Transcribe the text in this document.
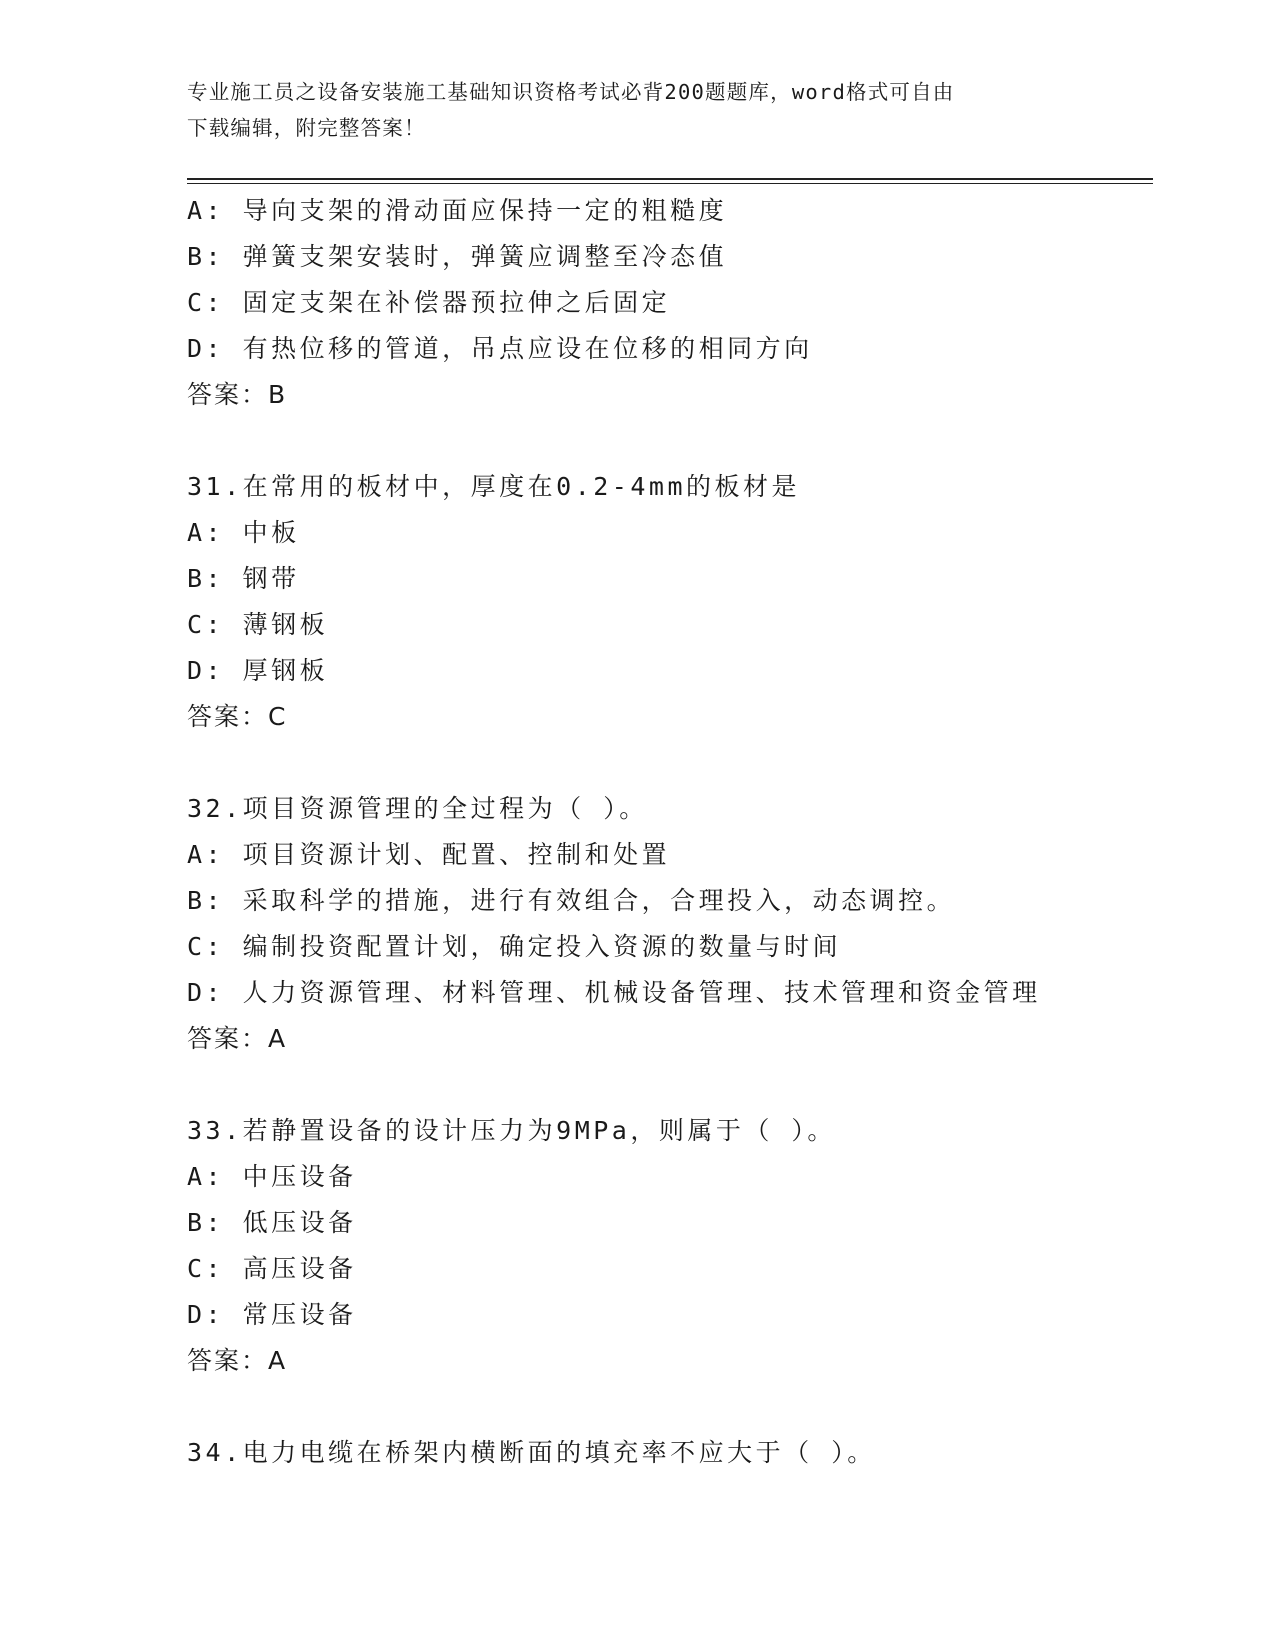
专业施工员之设备安装施工基础知识资格考试必背200题题库，word格式可自由
下载编辑，附完整答案！
A: 导向支架的滑动面应保持一定的粗糙度
B: 弹簧支架安装时，弹簧应调整至冷态值
C: 固定支架在补偿器预拉伸之后固定
D: 有热位移的管道，吊点应设在位移的相同方向
答案：B
31.在常用的板材中，厚度在0.2-4mm的板材是
A: 中板
B: 钢带
C: 薄钢板
D: 厚钢板
答案：C
32.项目资源管理的全过程为（ ）。
A: 项目资源计划、配置、控制和处置
B: 采取科学的措施，进行有效组合，合理投入，动态调控。
C: 编制投资配置计划，确定投入资源的数量与时间
D: 人力资源管理、材料管理、机械设备管理、技术管理和资金管理
答案：A
33.若静置设备的设计压力为9MPa，则属于（ ）。
A: 中压设备
B: 低压设备
C: 高压设备
D: 常压设备
答案：A
34.电力电缆在桥架内横断面的填充率不应大于（ ）。
